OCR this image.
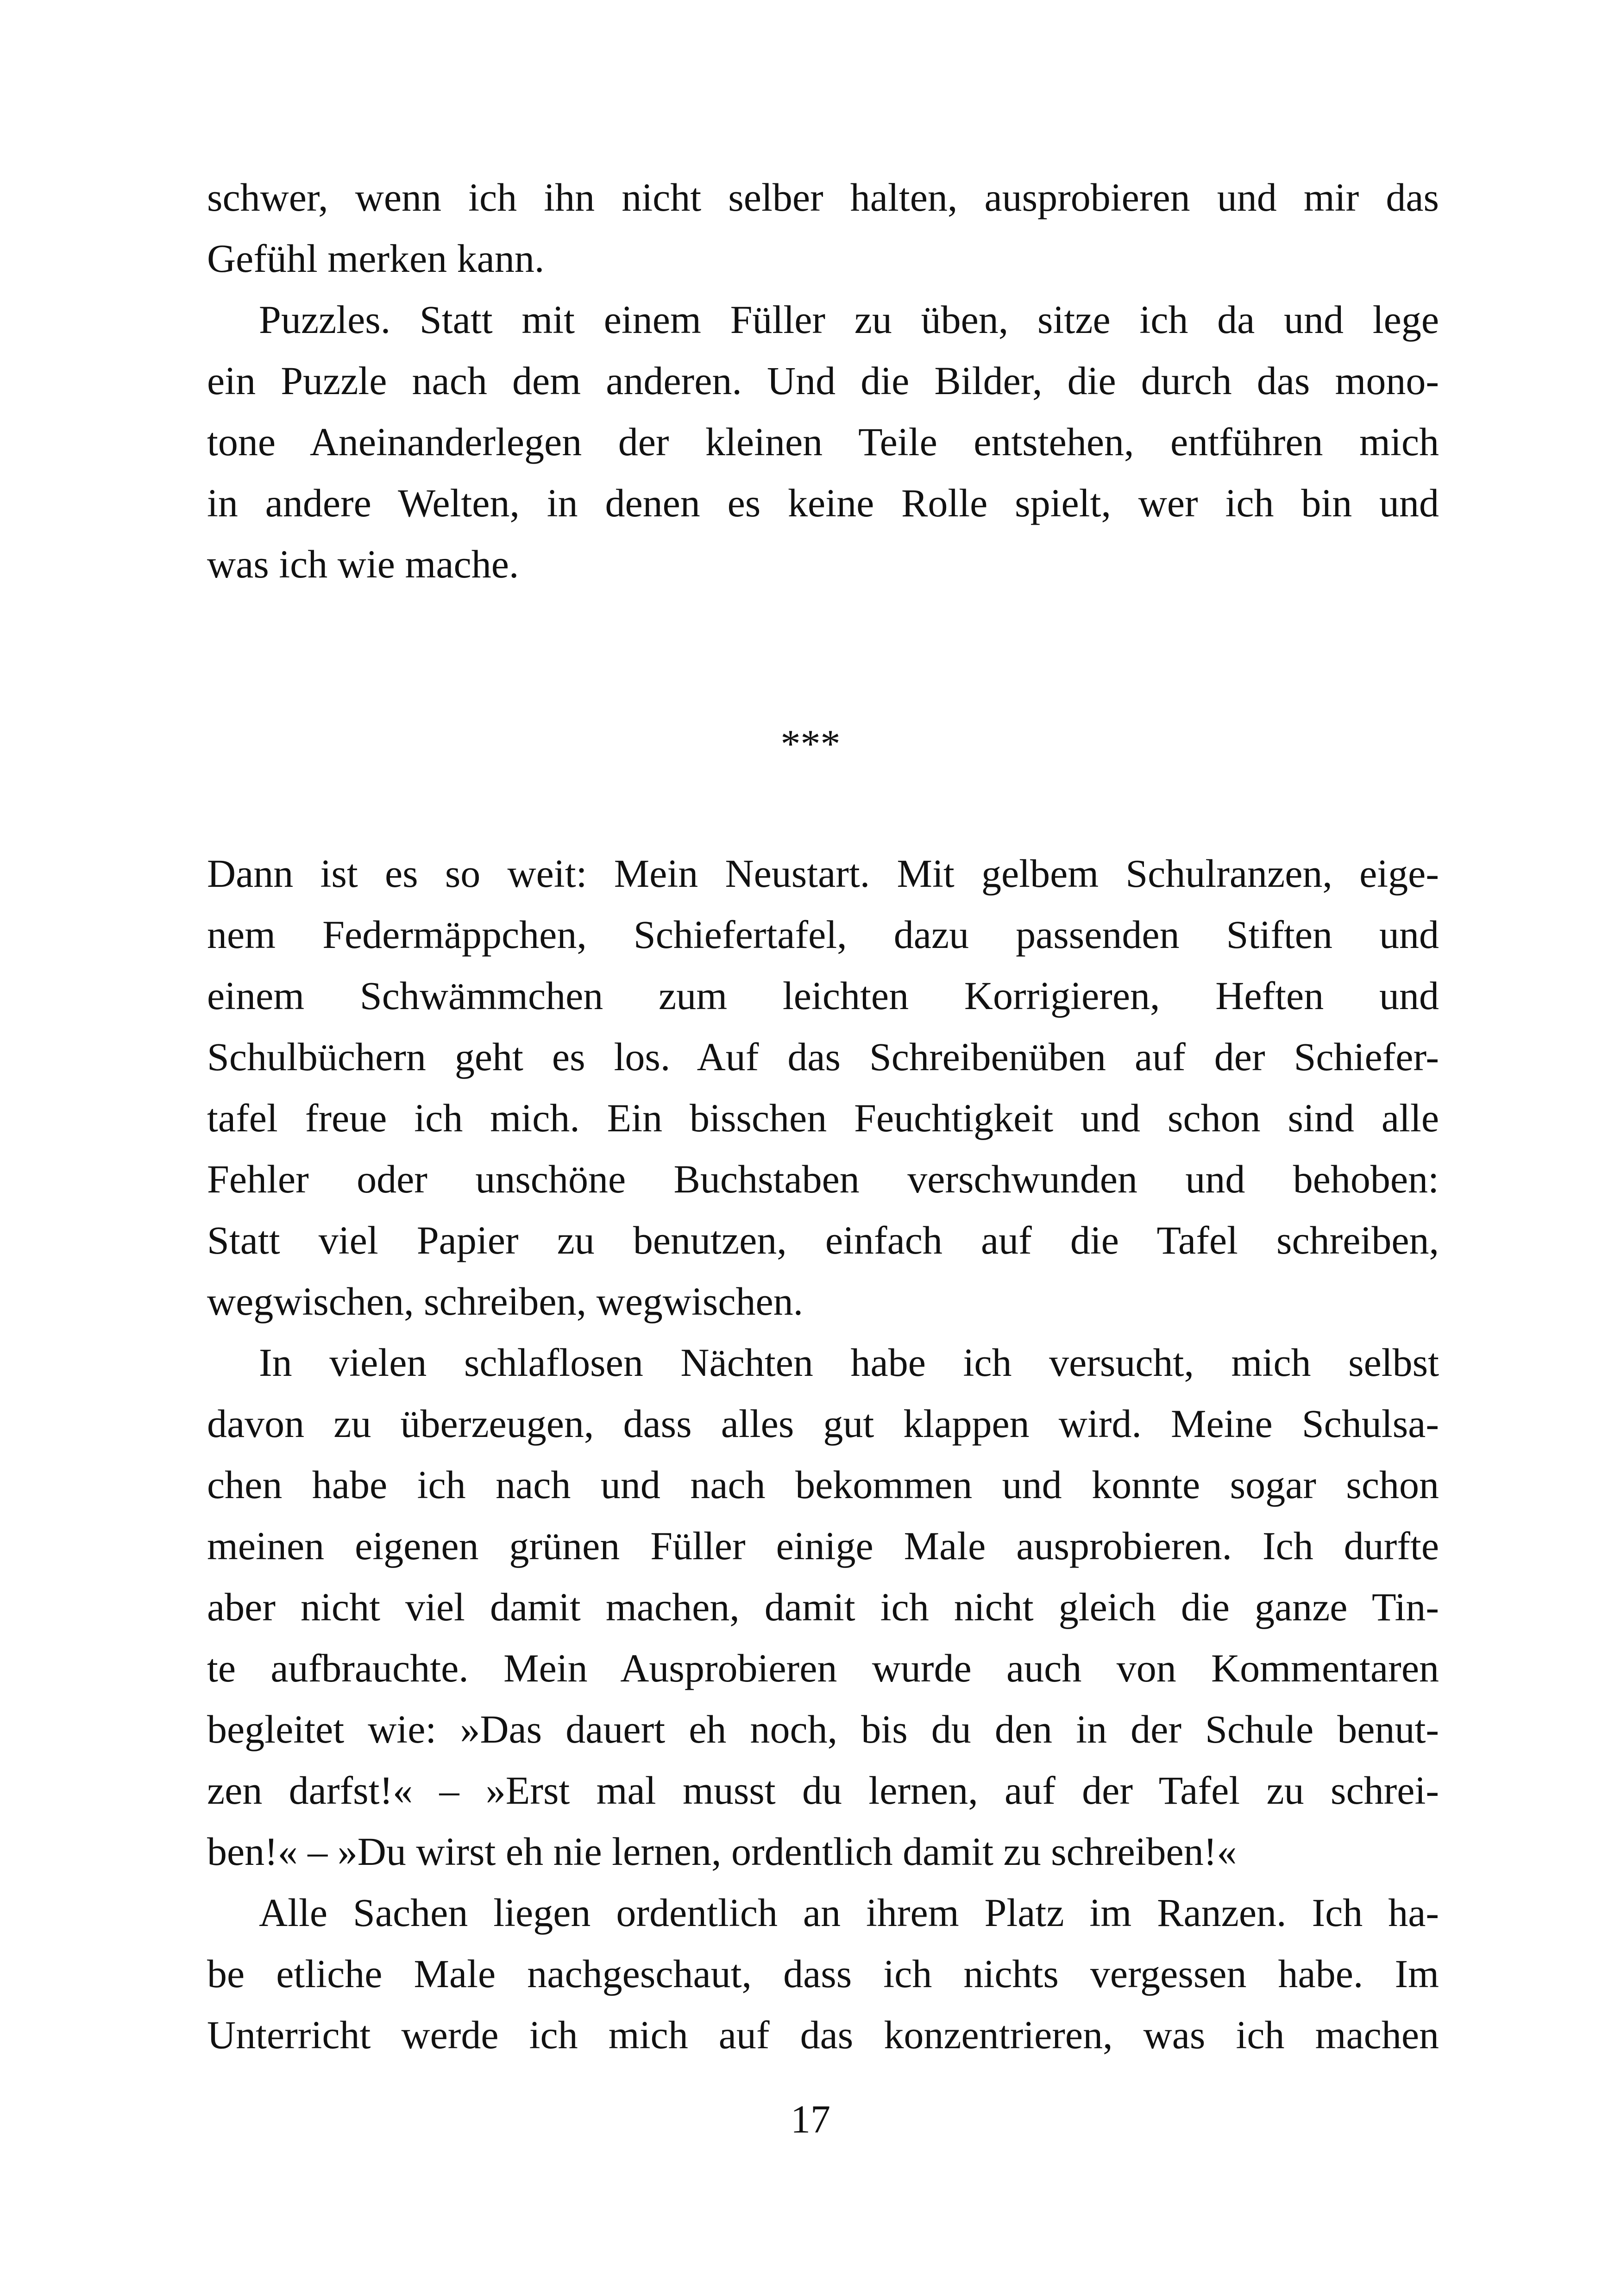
schwer, wenn ich ihn nicht selber halten, ausprobieren und mir das
Gefühl merken kann.
Puzzles. Statt mit einem Füller zu üben, sitze ich da und lege
ein Puzzle nach dem anderen. Und die Bilder, die durch das mono-
tone Aneinanderlegen der kleinen Teile entstehen, entführen mich
in andere Welten, in denen es keine Rolle spielt, wer ich bin und
was ich wie mache.
***
Dann ist es so weit: Mein Neustart. Mit gelbem Schulranzen, eige-
nem Federmäppchen, Schiefertafel, dazu passenden Stiften und
einem Schwämmchen zum leichten Korrigieren, Heften und
Schulbüchern geht es los. Auf das Schreibenüben auf der Schiefer-
tafel freue ich mich. Ein bisschen Feuchtigkeit und schon sind alle
Fehler oder unschöne Buchstaben verschwunden und behoben:
Statt viel Papier zu benutzen, einfach auf die Tafel schreiben,
wegwischen, schreiben, wegwischen.
In vielen schlaflosen Nächten habe ich versucht, mich selbst
davon zu überzeugen, dass alles gut klappen wird. Meine Schulsa-
chen habe ich nach und nach bekommen und konnte sogar schon
meinen eigenen grünen Füller einige Male ausprobieren. Ich durfte
aber nicht viel damit machen, damit ich nicht gleich die ganze Tin-
te aufbrauchte. Mein Ausprobieren wurde auch von Kommentaren
begleitet wie: »Das dauert eh noch, bis du den in der Schule benut-
zen darfst!« – »Erst mal musst du lernen, auf der Tafel zu schrei-
ben!« – »Du wirst eh nie lernen, ordentlich damit zu schreiben!«
Alle Sachen liegen ordentlich an ihrem Platz im Ranzen. Ich ha-
be etliche Male nachgeschaut, dass ich nichts vergessen habe. Im
Unterricht werde ich mich auf das konzentrieren, was ich machen
17
